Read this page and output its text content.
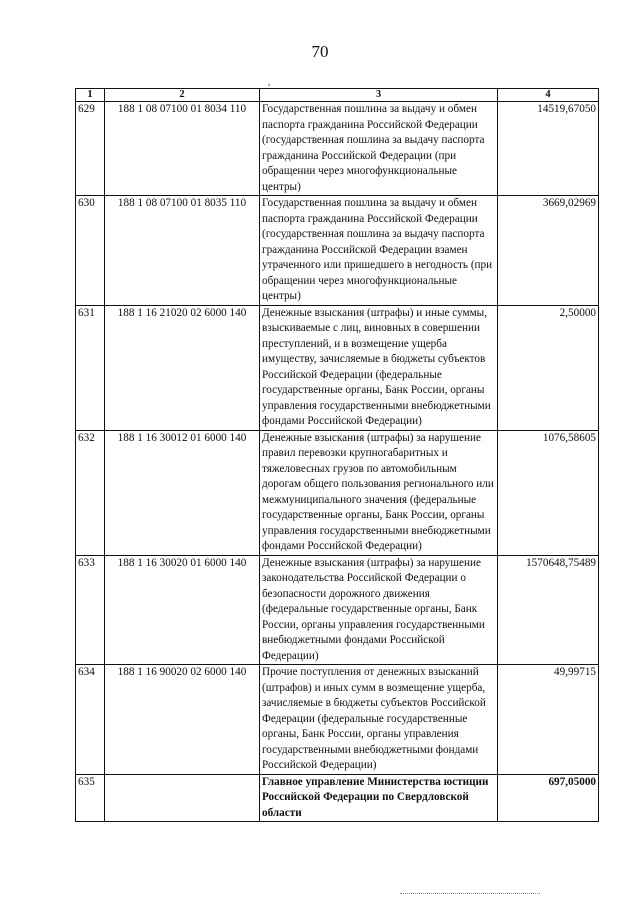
70
,
1	2	3	4
629	188 1 08 07100 01 8034 110	Государственная пошлина за выдачу и обмен паспорта гражданина Российской Федерации (государственная пошлина за выдачу паспорта гражданина Российской Федерации (при обращении через многофункциональные центры)	14519,67050
630	188 1 08 07100 01 8035 110	Государственная пошлина за выдачу и обмен паспорта гражданина Российской Федерации (государственная пошлина за выдачу паспорта гражданина Российской Федерации взамен утраченного или пришедшего в негодность (при обращении через многофункциональные центры)	3669,02969
631	188 1 16 21020 02 6000 140	Денежные взыскания (штрафы) и иные суммы, взыскиваемые с лиц, виновных в совершении преступлений, и в возмещение ущерба имуществу, зачисляемые в бюджеты субъектов Российской Федерации (федеральные государственные органы, Банк России, органы управления государственными внебюджетными фондами Российской Федерации)	2,50000
632	188 1 16 30012 01 6000 140	Денежные взыскания (штрафы) за нарушение правил перевозки крупногабаритных и тяжеловесных грузов по автомобильным дорогам общего пользования регионального или межмуниципального значения (федеральные государственные органы, Банк России, органы управления государственными внебюджетными фондами Российской Федерации)	1076,58605
633	188 1 16 30020 01 6000 140	Денежные взыскания (штрафы) за нарушение законодательства Российской Федерации о безопасности дорожного движения (федеральные государственные органы, Банк России, органы управления государственными внебюджетными фондами Российской Федерации)	1570648,75489
634	188 1 16 90020 02 6000 140	Прочие поступления от денежных взысканий (штрафов) и иных сумм в возмещение ущерба, зачисляемые в бюджеты субъектов Российской Федерации (федеральные государственные органы, Банк России, органы управления государственными внебюджетными фондами Российской Федерации)	49,99715
635		Главное управление Министерства юстиции Российской Федерации по Свердловской области	697,05000
